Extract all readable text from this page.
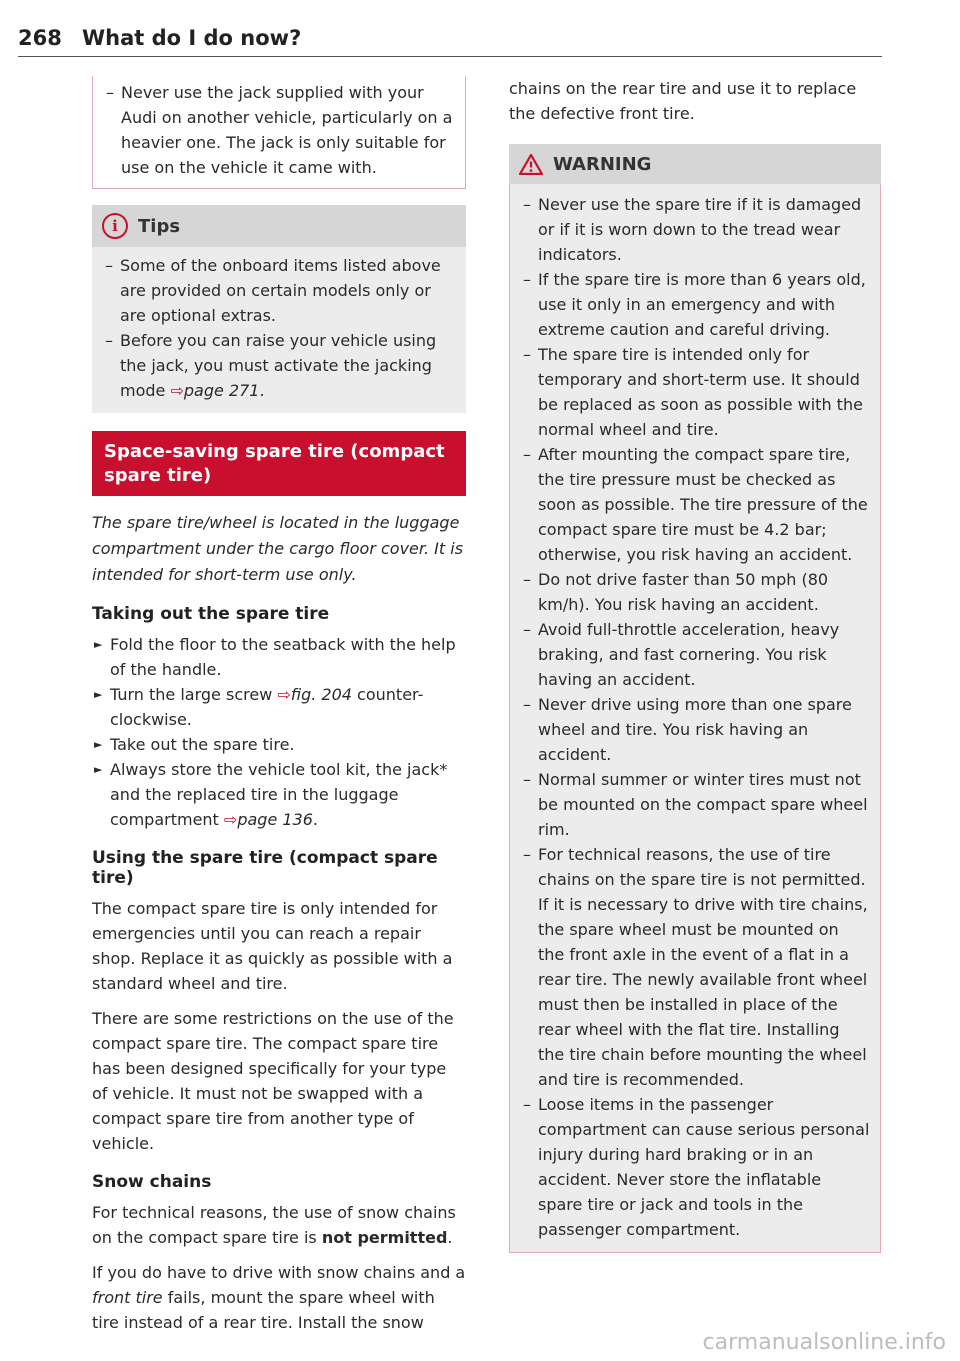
268 What do I do now?

– Never use the jack supplied with your Audi on another vehicle, particularly on a heavier one. The jack is only suitable for use on the vehicle it came with.

i	Tips

– Some of the onboard items listed above are provided on certain models only or are optional extras.

– Before you can raise your vehicle using the jack, you must activate the jacking mode ⇨page 271.

Space-saving spare tire (compact spare tire)

The spare tire/wheel is located in the luggage compartment under the cargo floor cover. It is intended for short-term use only.

Taking out the spare tire

► Fold the floor to the seatback with the help of the handle.

► Turn the large screw ⇨fig. 204 counter-clockwise.

► Take out the spare tire.

► Always store the vehicle tool kit, the jack* and the replaced tire in the luggage compartment ⇨page 136.

Using the spare tire (compact spare tire)

The compact spare tire is only intended for emergencies until you can reach a repair shop. Replace it as quickly as possible with a standard wheel and tire.

There are some restrictions on the use of the compact spare tire. The compact spare tire has been designed specifically for your type of vehicle. It must not be swapped with a compact spare tire from another type of vehicle.

Snow chains

For technical reasons, the use of snow chains on the compact spare tire is not permitted.

If you do have to drive with snow chains and a front tire fails, mount the spare wheel with tire instead of a rear tire. Install the snow

chains on the rear tire and use it to replace the defective front tire.

WARNING

– Never use the spare tire if it is damaged or if it is worn down to the tread wear indicators.

– If the spare tire is more than 6 years old, use it only in an emergency and with extreme caution and careful driving.

– The spare tire is intended only for temporary and short-term use. It should be replaced as soon as possible with the normal wheel and tire.

– After mounting the compact spare tire, the tire pressure must be checked as soon as possible. The tire pressure of the compact spare tire must be 4.2 bar; otherwise, you risk having an accident.

– Do not drive faster than 50 mph (80 km/h). You risk having an accident.

– Avoid full-throttle acceleration, heavy braking, and fast cornering. You risk having an accident.

– Never drive using more than one spare wheel and tire. You risk having an accident.

– Normal summer or winter tires must not be mounted on the compact spare wheel rim.

– For technical reasons, the use of tire chains on the spare tire is not permitted. If it is necessary to drive with tire chains, the spare wheel must be mounted on the front axle in the event of a flat in a rear tire. The newly available front wheel must then be installed in place of the rear wheel with the flat tire. Installing the tire chain before mounting the wheel and tire is recommended.

– Loose items in the passenger compartment can cause serious personal injury during hard braking or in an accident. Never store the inflatable spare tire or jack and tools in the passenger compartment.

carmanualsonline.info
